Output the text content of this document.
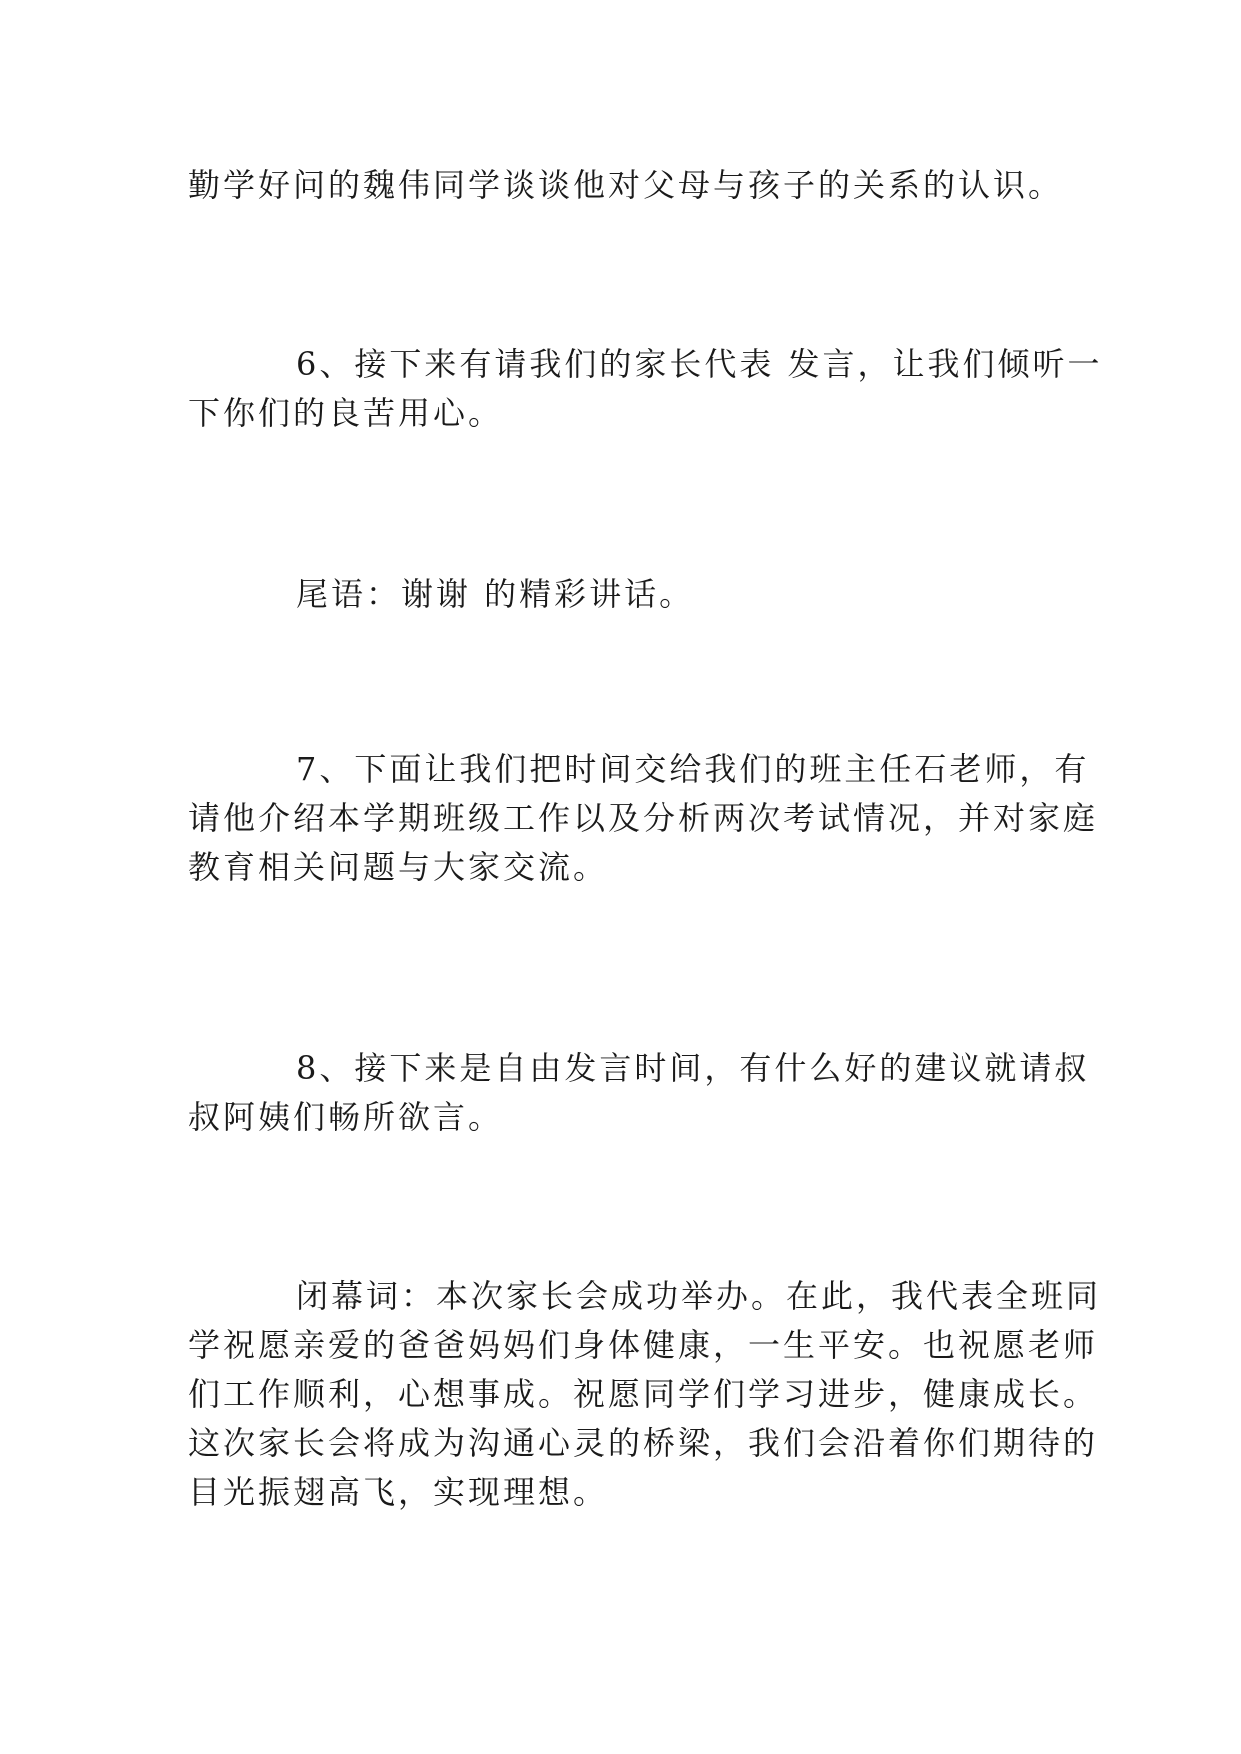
勤学好问的魏伟同学谈谈他对父母与孩子的关系的认识。
6、接下来有请我们的家长代表 发言，让我们倾听一
下你们的良苦用心。
尾语：谢谢 的精彩讲话。
7、下面让我们把时间交给我们的班主任石老师，有
请他介绍本学期班级工作以及分析两次考试情况，并对家庭
教育相关问题与大家交流。
8、接下来是自由发言时间，有什么好的建议就请叔
叔阿姨们畅所欲言。
闭幕词：本次家长会成功举办。在此，我代表全班同
学祝愿亲爱的爸爸妈妈们身体健康，一生平安。也祝愿老师
们工作顺利，心想事成。祝愿同学们学习进步，健康成长。
这次家长会将成为沟通心灵的桥梁，我们会沿着你们期待的
目光振翅高飞，实现理想。
